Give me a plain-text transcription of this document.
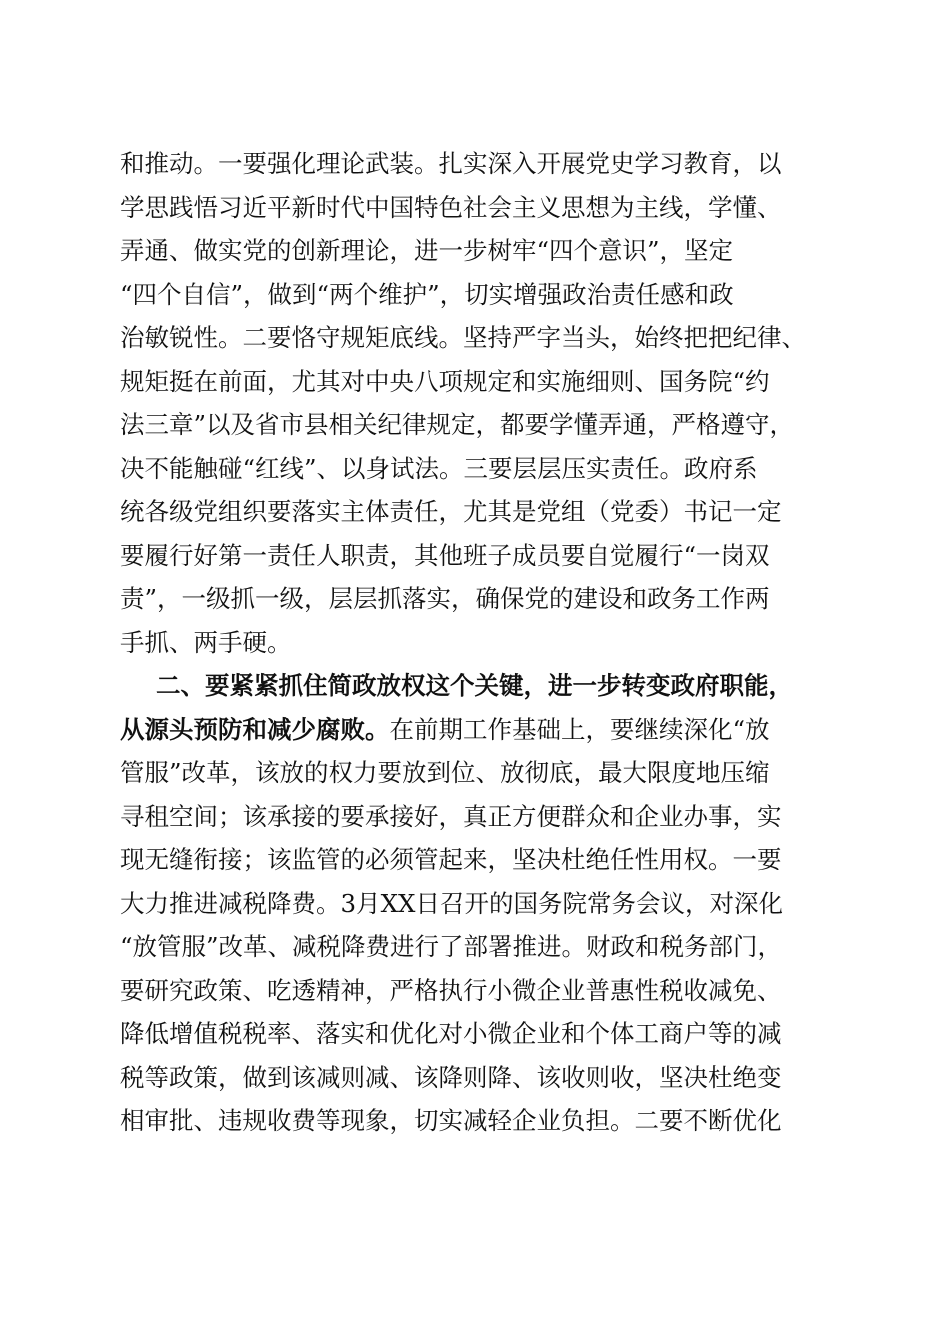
和推动。一要强化理论武装。扎实深入开展党史学习教育，以
学思践悟习近平新时代中国特色社会主义思想为主线，学懂、
弄通、做实党的创新理论，进一步树牢“四个意识”，坚定
“四个自信”，做到“两个维护”，切实增强政治责任感和政
治敏锐性。二要恪守规矩底线。坚持严字当头，始终把把纪律、
规矩挺在前面，尤其对中央八项规定和实施细则、国务院“约
法三章”以及省市县相关纪律规定，都要学懂弄通，严格遵守，
决不能触碰“红线”、以身试法。三要层层压实责任。政府系
统各级党组织要落实主体责任，尤其是党组（党委）书记一定
要履行好第一责任人职责，其他班子成员要自觉履行“一岗双
责”，一级抓一级，层层抓落实，确保党的建设和政务工作两
手抓、两手硬。
二、要紧紧抓住简政放权这个关键，进一步转变政府职能，
从源头预防和减少腐败。在前期工作基础上，要继续深化“放
管服”改革，该放的权力要放到位、放彻底，最大限度地压缩
寻租空间；该承接的要承接好，真正方便群众和企业办事，实
现无缝衔接；该监管的必须管起来，坚决杜绝任性用权。一要
大力推进减税降费。3月XX日召开的国务院常务会议，对深化
“放管服”改革、减税降费进行了部署推进。财政和税务部门，
要研究政策、吃透精神，严格执行小微企业普惠性税收减免、
降低增值税税率、落实和优化对小微企业和个体工商户等的减
税等政策，做到该减则减、该降则降、该收则收，坚决杜绝变
相审批、违规收费等现象，切实减轻企业负担。二要不断优化
